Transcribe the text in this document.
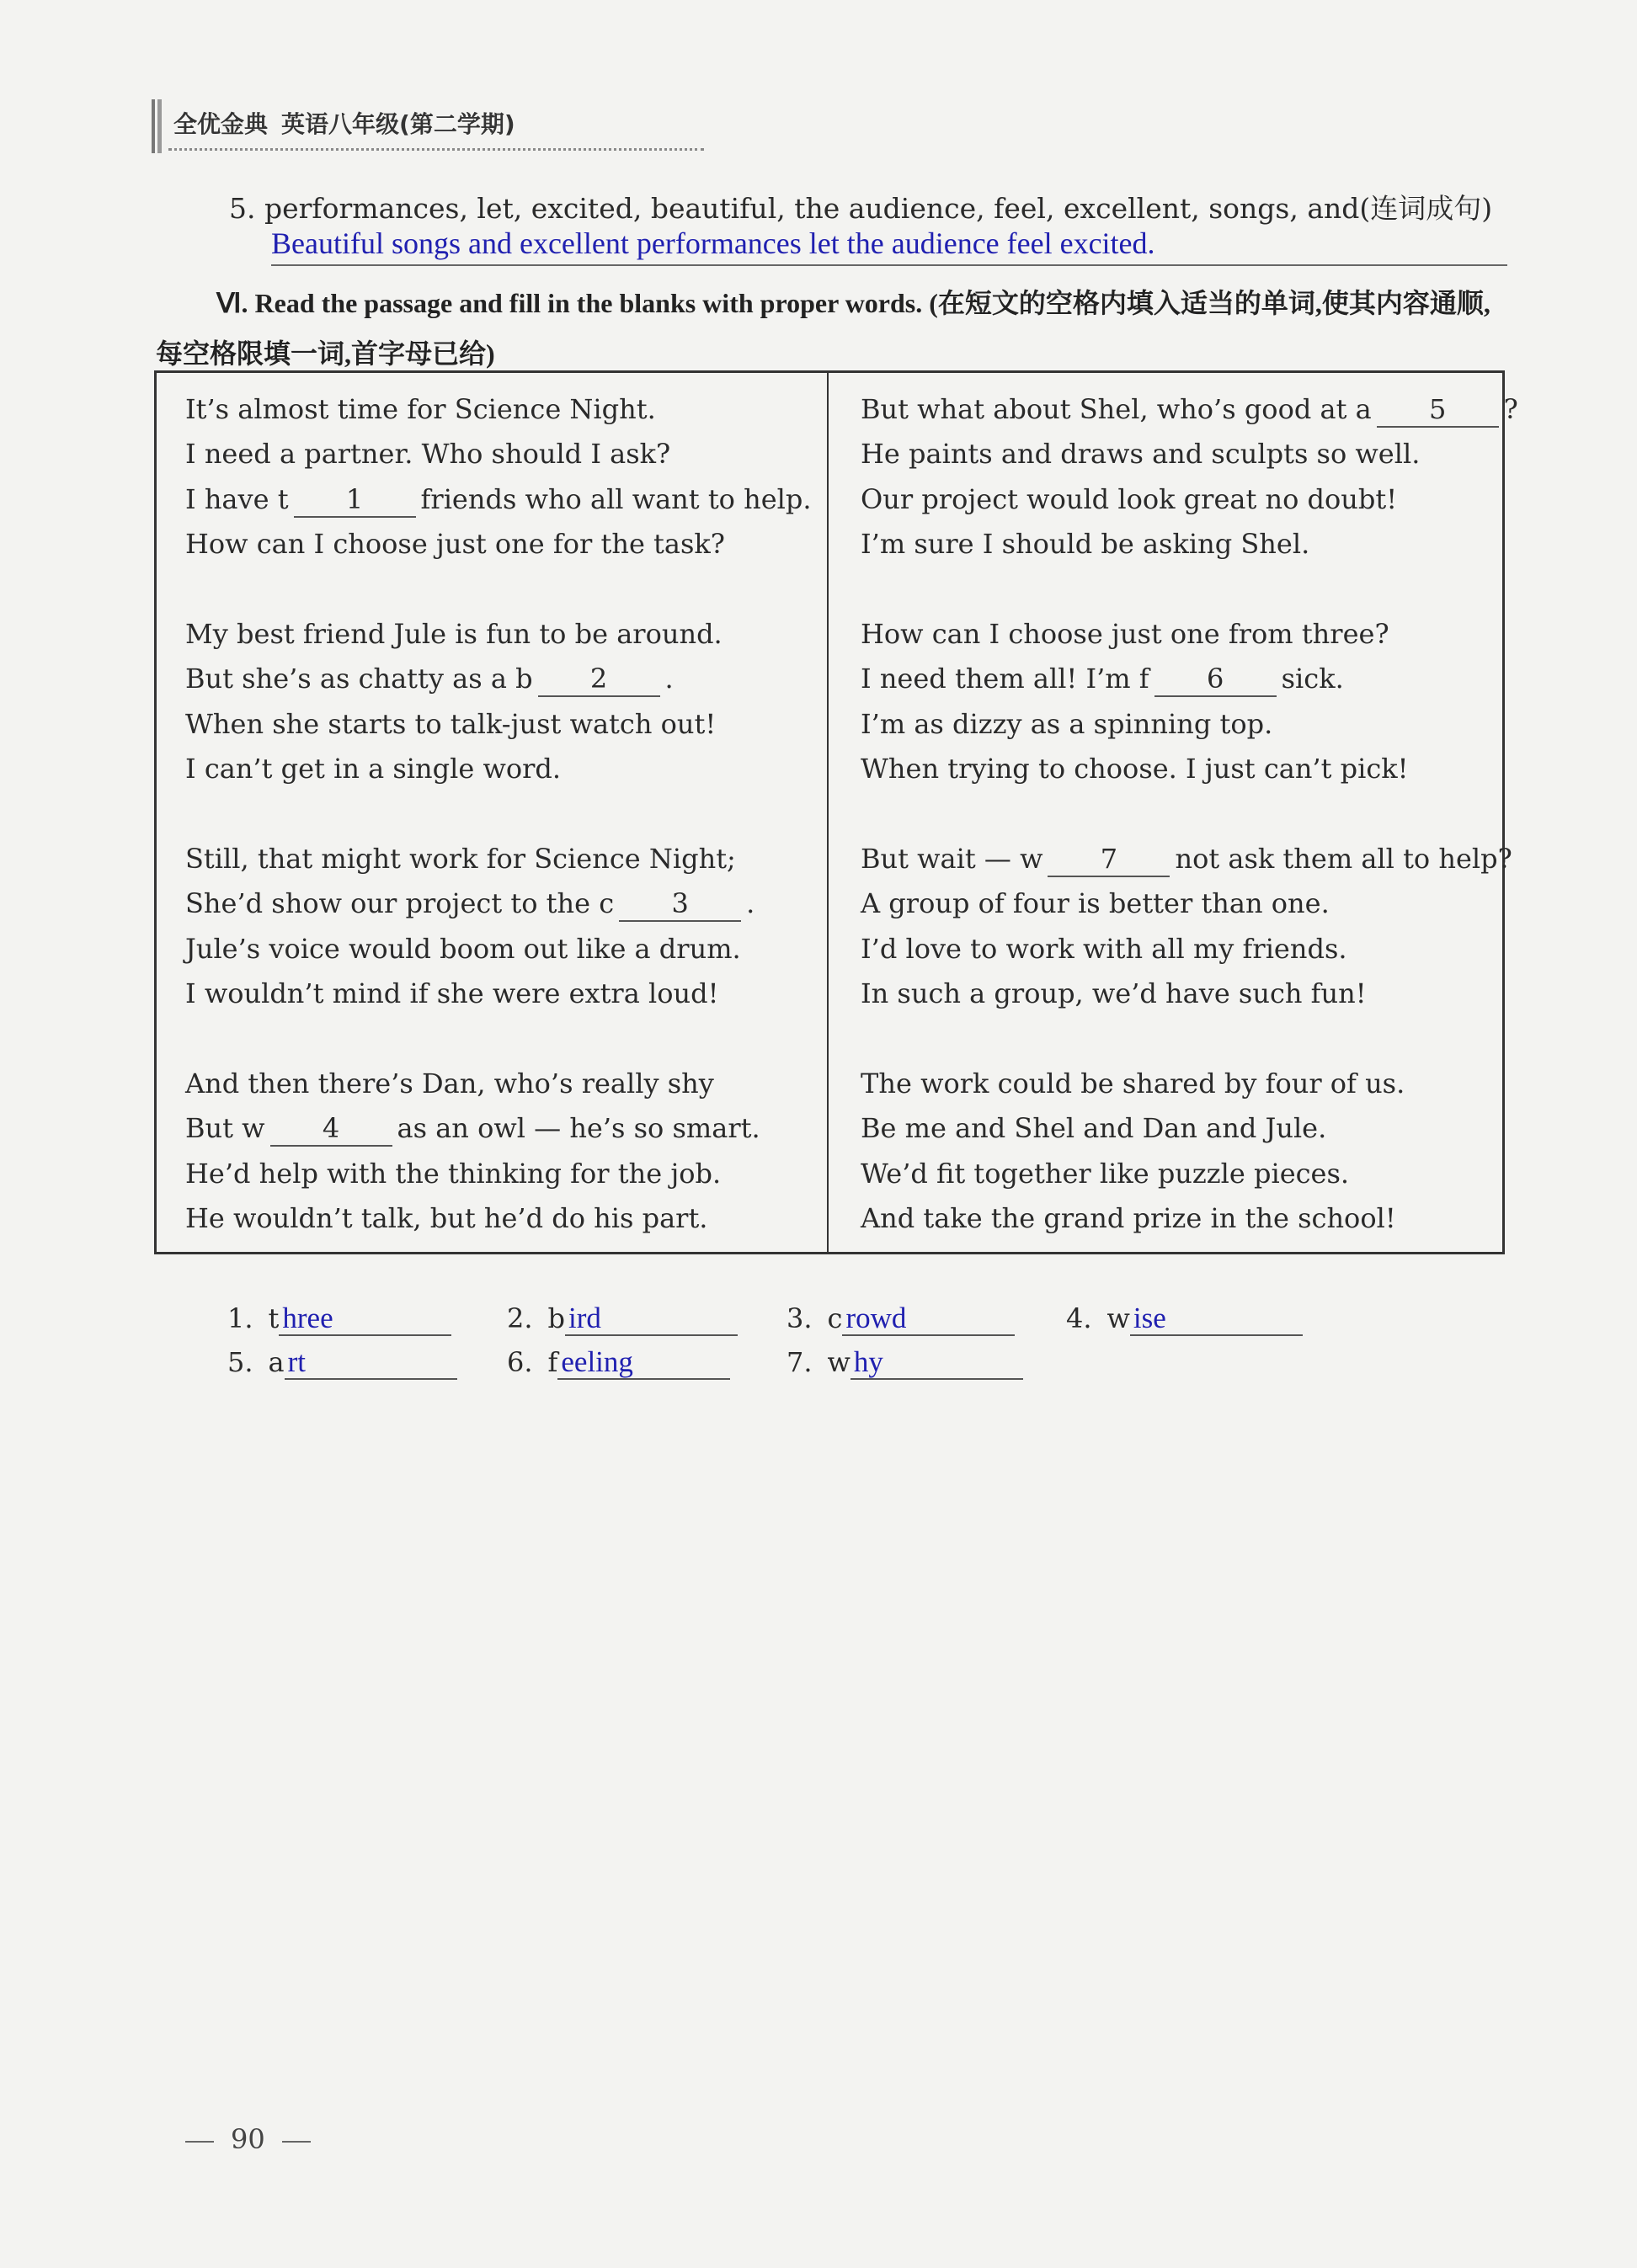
全优金典 英语八年级(第二学期)
5. performances, let, excited, beautiful, the audience, feel, excellent, songs, and(连词成句)
Beautiful songs and excellent performances let the audience feel excited.
Ⅵ. Read the passage and fill in the blanks with proper words. (在短文的空格内填入适当的单词,使其内容通顺,每空格限填一词,首字母已给)
It’s almost time for Science Night.
I need a partner. Who should I ask?
I have t 1 friends who all want to help.
How can I choose just one for the task?
My best friend Jule is fun to be around.
But she’s as chatty as a b 2 .
When she starts to talk-just watch out!
I can’t get in a single word.
Still, that might work for Science Night;
She’d show our project to the c 3 .
Jule’s voice would boom out like a drum.
I wouldn’t mind if she were extra loud!
And then there’s Dan, who’s really shy
But w 4 as an owl — he’s so smart.
He’d help with the thinking for the job.
He wouldn’t talk, but he’d do his part.
But what about Shel, who’s good at a 5 ?
He paints and draws and sculpts so well.
Our project would look great no doubt!
I’m sure I should be asking Shel.
How can I choose just one from three?
I need them all! I’m f 6 sick.
I’m as dizzy as a spinning top.
When trying to choose. I just can’t pick!
But wait — w 7 not ask them all to help?
A group of four is better than one.
I’d love to work with all my friends.
In such a group, we’d have such fun!
The work could be shared by four of us.
Be me and Shel and Dan and Jule.
We’d fit together like puzzle pieces.
And take the grand prize in the school!
1. t hree	2. b ird	3. c rowd	4. w ise
5. a rt	6. f eeling	7. w hy
90
